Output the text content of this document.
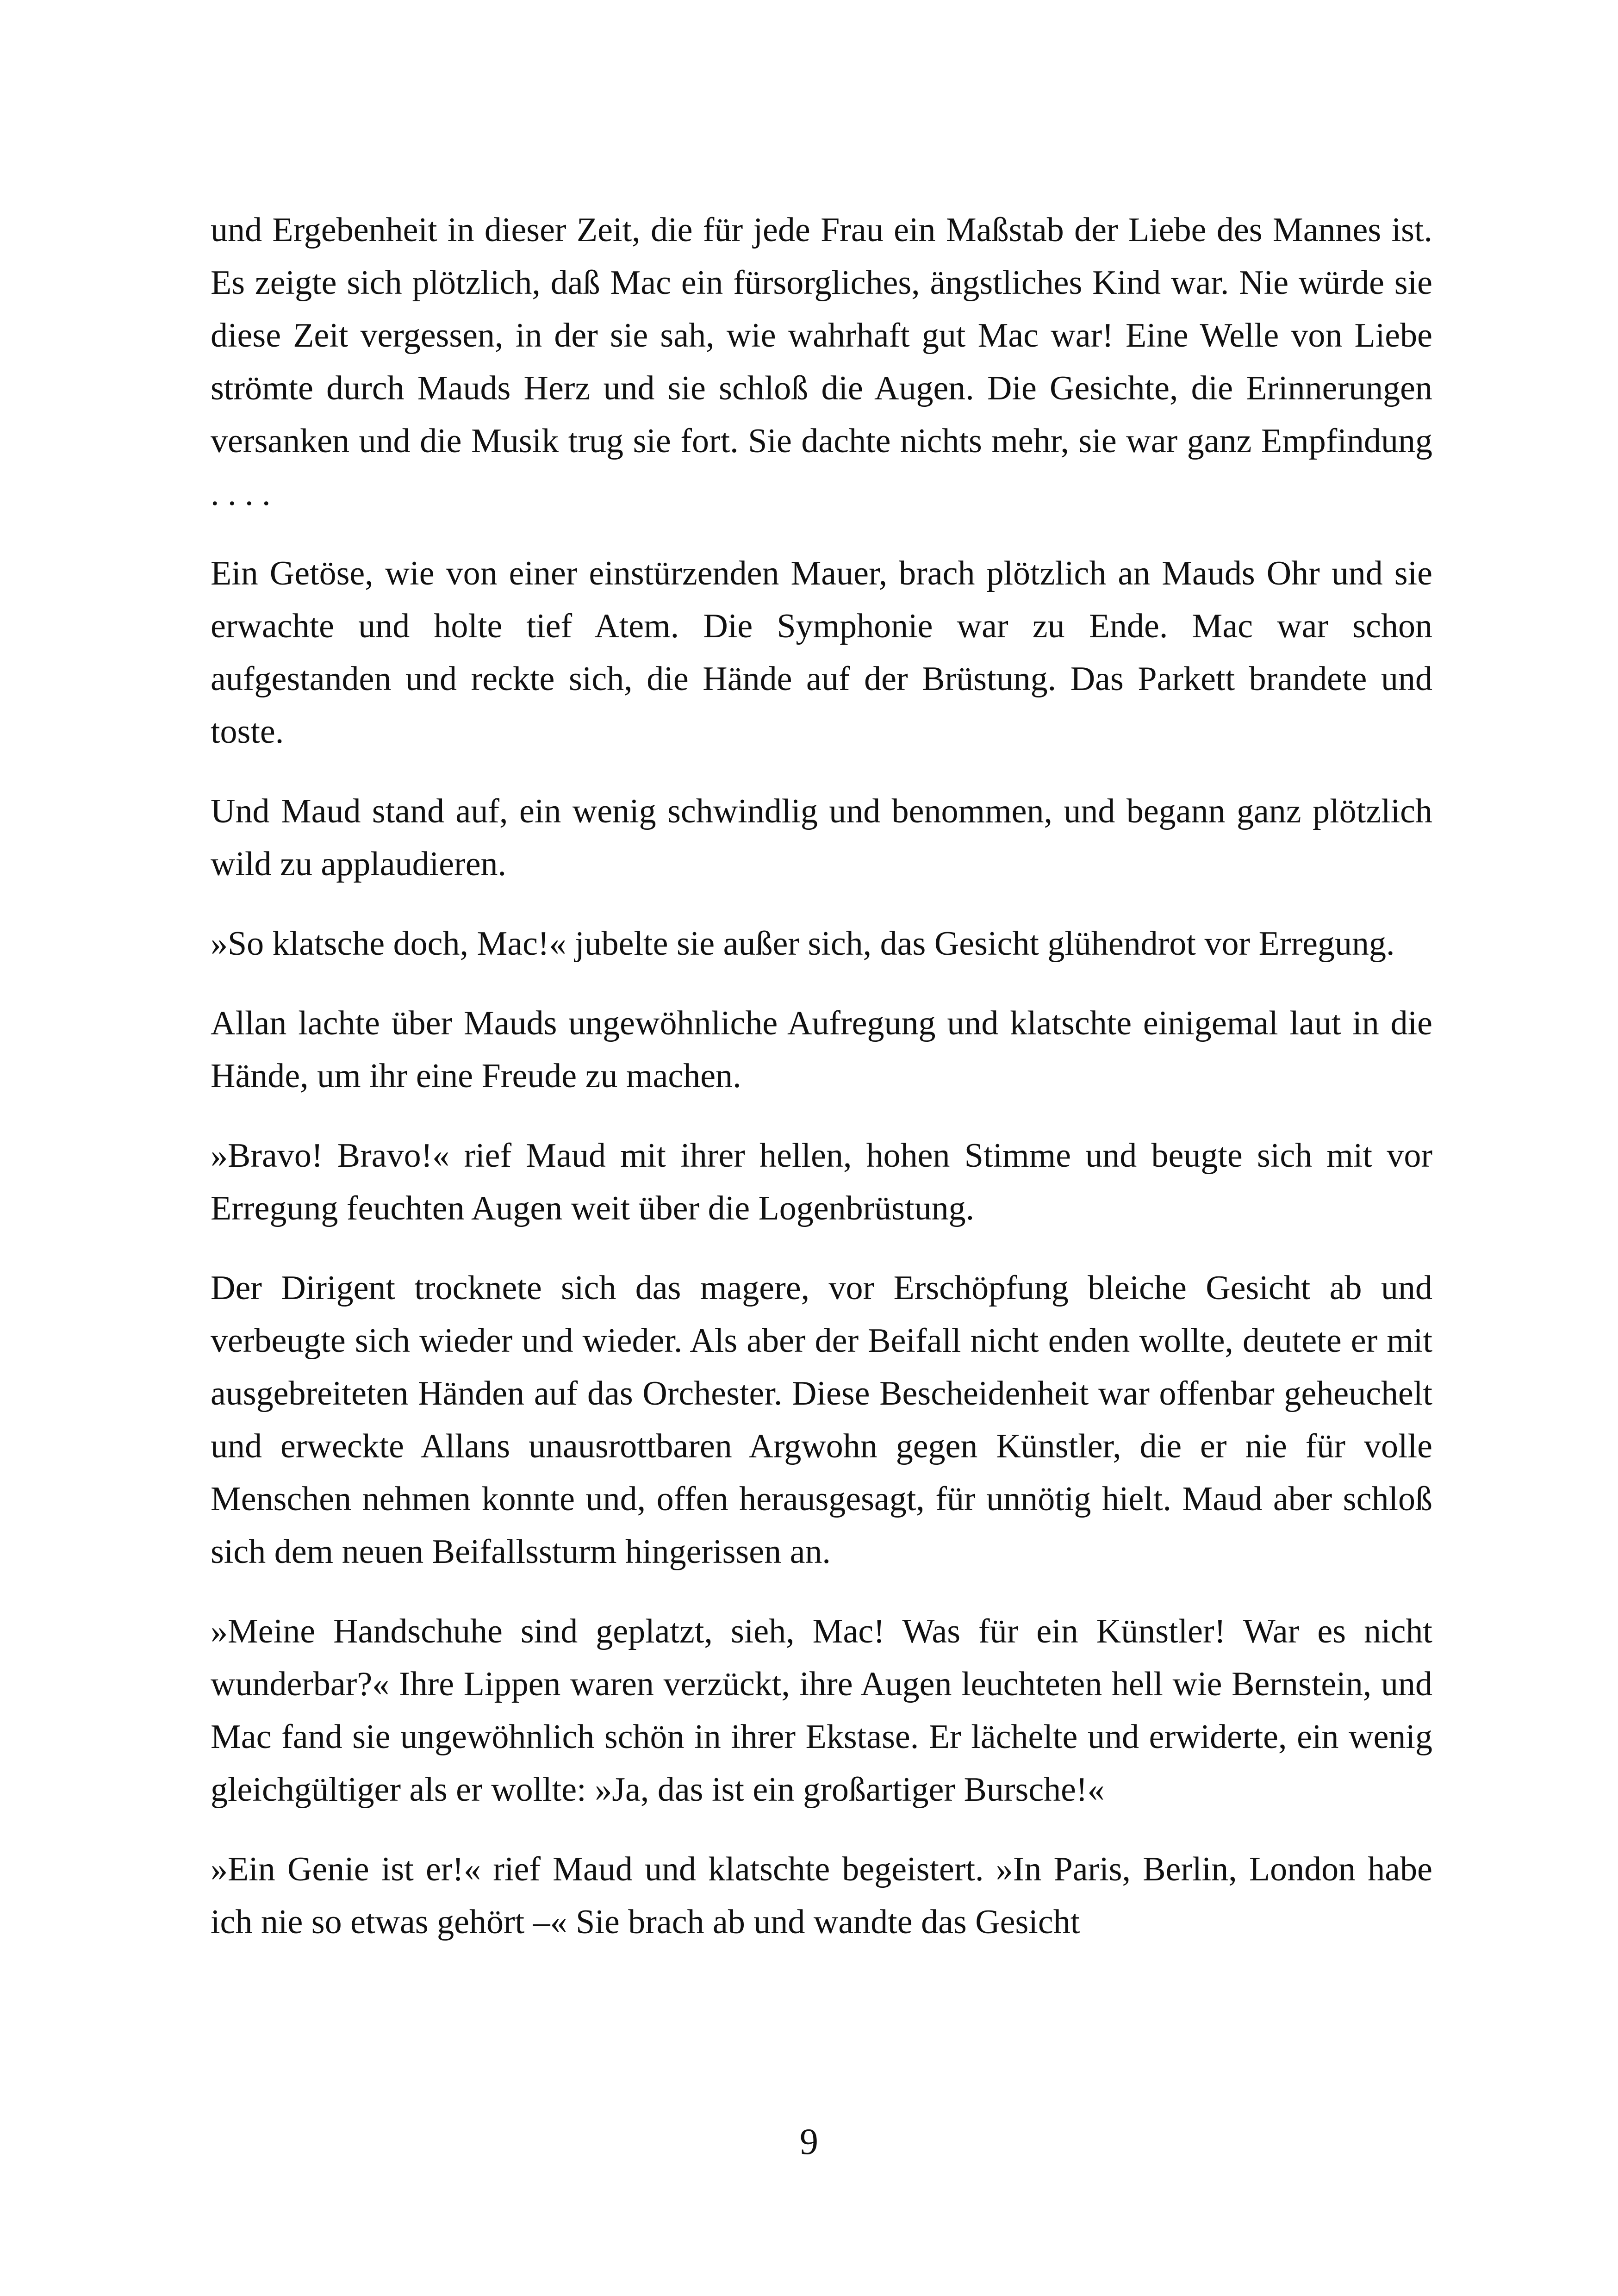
und Ergebenheit in dieser Zeit, die für jede Frau ein Maßstab der Liebe des Mannes ist. Es zeigte sich plötzlich, daß Mac ein fürsorgliches, ängstliches Kind war. Nie würde sie diese Zeit vergessen, in der sie sah, wie wahrhaft gut Mac war! Eine Welle von Liebe strömte durch Mauds Herz und sie schloß die Augen. Die Gesichte, die Erinnerungen versanken und die Musik trug sie fort. Sie dachte nichts mehr, sie war ganz Empfindung . . . .

Ein Getöse, wie von einer einstürzenden Mauer, brach plötzlich an Mauds Ohr und sie erwachte und holte tief Atem. Die Symphonie war zu Ende. Mac war schon aufgestanden und reckte sich, die Hände auf der Brüstung. Das Parkett brandete und toste.

Und Maud stand auf, ein wenig schwindlig und benommen, und begann ganz plötzlich wild zu applaudieren.

»So klatsche doch, Mac!« jubelte sie außer sich, das Gesicht glühendrot vor Erregung.

Allan lachte über Mauds ungewöhnliche Aufregung und klatschte einigemal laut in die Hände, um ihr eine Freude zu machen.

»Bravo! Bravo!« rief Maud mit ihrer hellen, hohen Stimme und beugte sich mit vor Erregung feuchten Augen weit über die Logenbrüstung.

Der Dirigent trocknete sich das magere, vor Erschöpfung bleiche Gesicht ab und verbeugte sich wieder und wieder. Als aber der Beifall nicht enden wollte, deutete er mit ausgebreiteten Händen auf das Orchester. Diese Bescheidenheit war offenbar geheuchelt und erweckte Allans unausrottbaren Argwohn gegen Künstler, die er nie für volle Menschen nehmen konnte und, offen herausgesagt, für unnötig hielt. Maud aber schloß sich dem neuen Beifallssturm hingerissen an.

»Meine Handschuhe sind geplatzt, sieh, Mac! Was für ein Künstler! War es nicht wunderbar?« Ihre Lippen waren verzückt, ihre Augen leuchteten hell wie Bernstein, und Mac fand sie ungewöhnlich schön in ihrer Ekstase. Er lächelte und erwiderte, ein wenig gleichgültiger als er wollte: »Ja, das ist ein großartiger Bursche!«

»Ein Genie ist er!« rief Maud und klatschte begeistert. »In Paris, Berlin, London habe ich nie so etwas gehört –« Sie brach ab und wandte das Gesicht

9
